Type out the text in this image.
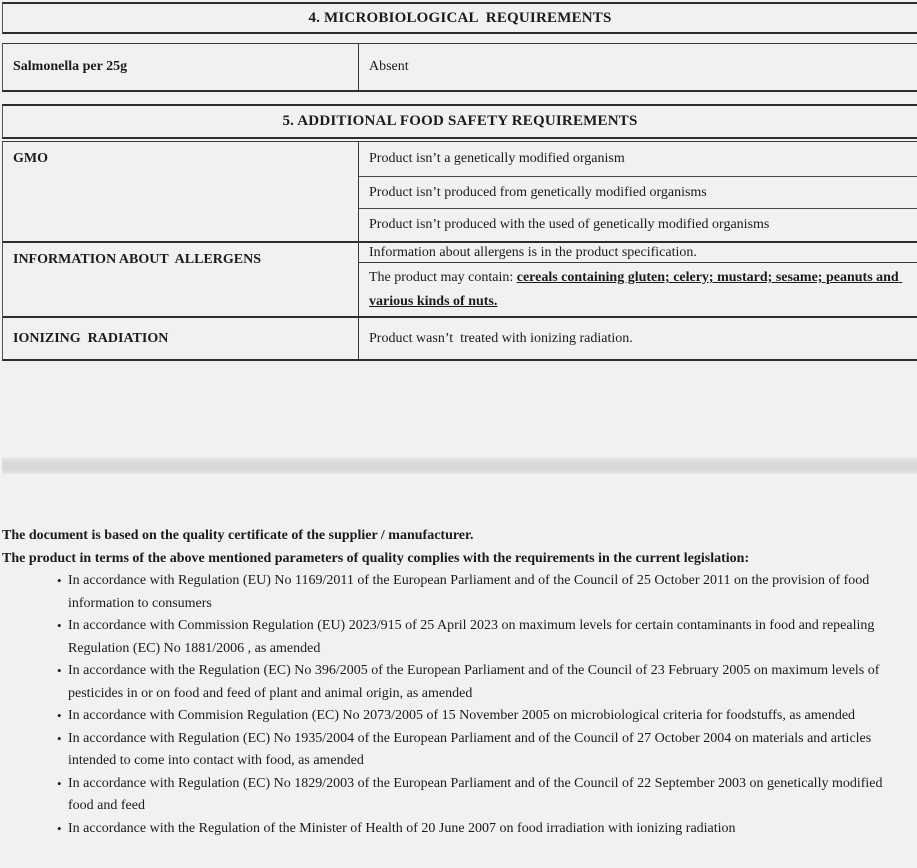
4. MICROBIOLOGICAL  REQUIREMENTS
Salmonella per 25g	Absent
5. ADDITIONAL FOOD SAFETY REQUIREMENTS
GMO	Product isn’t a genetically modified organism
Product isn’t produced from genetically modified organisms
Product isn’t produced with the used of genetically modified organisms
INFORMATION ABOUT  ALLERGENS	Information about allergens is in the product specification.
The product may contain: cereals containing gluten; celery; mustard; sesame; peanuts and various kinds of nuts.
IONIZING  RADIATION	Product wasn’t  treated with ionizing radiation.
The document is based on the quality certificate of the supplier / manufacturer.
The product in terms of the above mentioned parameters of quality complies with the requirements in the current legislation:
• In accordance with Regulation (EU) No 1169/2011 of the European Parliament and of the Council of 25 October 2011 on the provision of food information to consumers
• In accordance with Commission Regulation (EU) 2023/915 of 25 April 2023 on maximum levels for certain contaminants in food and repealing Regulation (EC) No 1881/2006 , as amended
• In accordance with the Regulation (EC) No 396/2005 of the European Parliament and of the Council of 23 February 2005 on maximum levels of pesticides in or on food and feed of plant and animal origin, as amended
• In accordance with Commision Regulation (EC) No 2073/2005 of 15 November 2005 on microbiological criteria for foodstuffs, as amended
• In accordance with Regulation (EC) No 1935/2004 of the European Parliament and of the Council of 27 October 2004 on materials and articles intended to come into contact with food, as amended
• In accordance with Regulation (EC) No 1829/2003 of the European Parliament and of the Council of 22 September 2003 on genetically modified food and feed
• In accordance with the Regulation of the Minister of Health of 20 June 2007 on food irradiation with ionizing radiation
